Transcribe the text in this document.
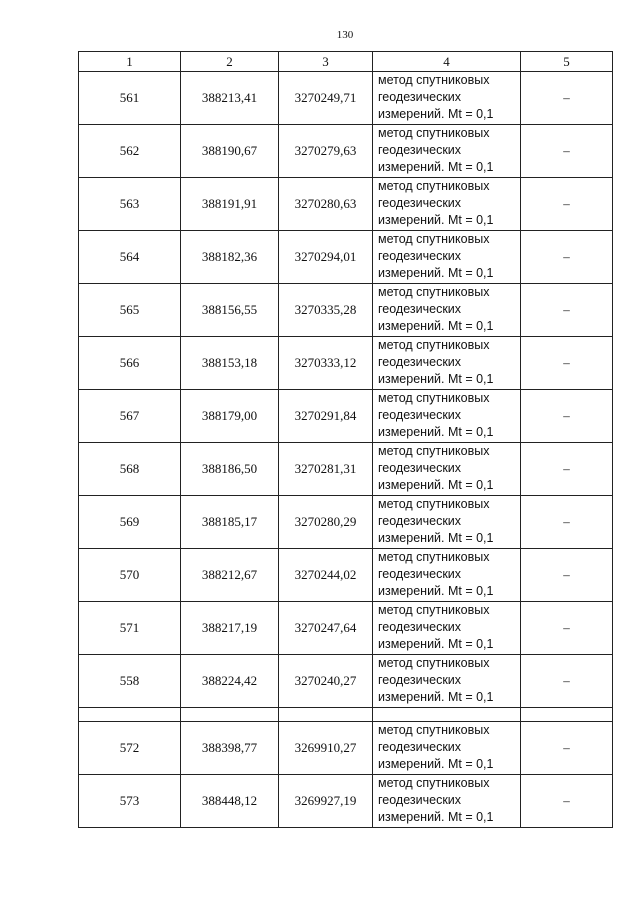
130
1	2	3	4	5
561	388213,41	3270249,71	метод спутниковых
геодезических
измерений. Mt = 0,1	–
562	388190,67	3270279,63	метод спутниковых
геодезических
измерений. Mt = 0,1	–
563	388191,91	3270280,63	метод спутниковых
геодезических
измерений. Mt = 0,1	–
564	388182,36	3270294,01	метод спутниковых
геодезических
измерений. Mt = 0,1	–
565	388156,55	3270335,28	метод спутниковых
геодезических
измерений. Mt = 0,1	–
566	388153,18	3270333,12	метод спутниковых
геодезических
измерений. Mt = 0,1	–
567	388179,00	3270291,84	метод спутниковых
геодезических
измерений. Mt = 0,1	–
568	388186,50	3270281,31	метод спутниковых
геодезических
измерений. Mt = 0,1	–
569	388185,17	3270280,29	метод спутниковых
геодезических
измерений. Mt = 0,1	–
570	388212,67	3270244,02	метод спутниковых
геодезических
измерений. Mt = 0,1	–
571	388217,19	3270247,64	метод спутниковых
геодезических
измерений. Mt = 0,1	–
558	388224,42	3270240,27	метод спутниковых
геодезических
измерений. Mt = 0,1	–

572	388398,77	3269910,27	метод спутниковых
геодезических
измерений. Mt = 0,1	–
573	388448,12	3269927,19	метод спутниковых
геодезических
измерений. Mt = 0,1	–
